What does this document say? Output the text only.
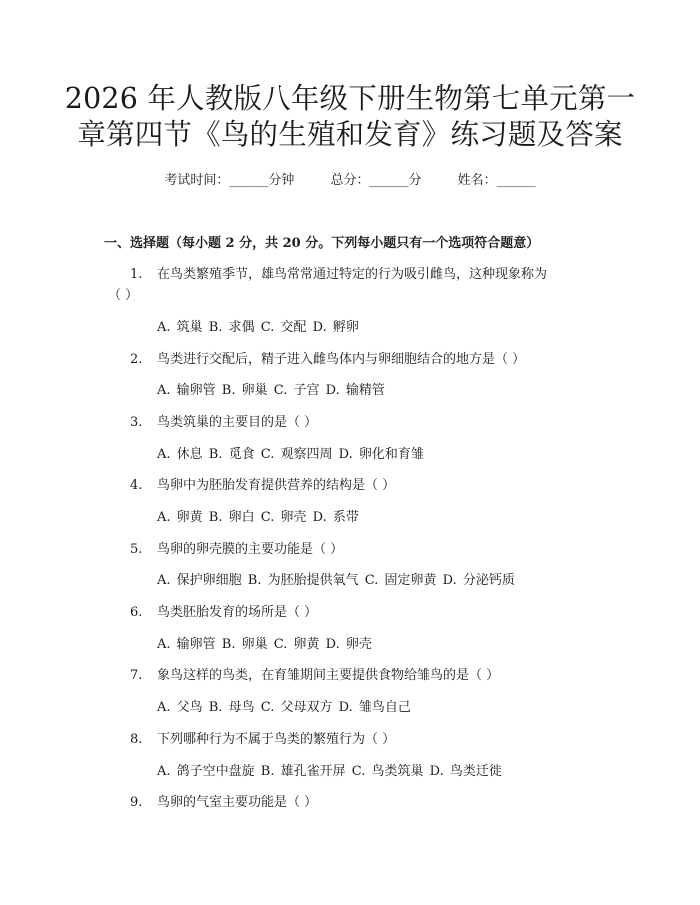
2026 年人教版八年级下册生物第七单元第一
章第四节《鸟的生殖和发育》练习题及答案
考试时间：______分钟	总分：______分	姓名：______
一、选择题（每小题 2 分，共 20 分。下列每小题只有一个选项符合题意）
1. 在鸟类繁殖季节，雄鸟常常通过特定的行为吸引雌鸟，这种现象称为
（ ）
A. 筑巢 B. 求偶 C. 交配 D. 孵卵
2. 鸟类进行交配后，精子进入雌鸟体内与卵细胞结合的地方是（ ）
A. 输卵管 B. 卵巢 C. 子宫 D. 输精管
3. 鸟类筑巢的主要目的是（ ）
A. 休息 B. 觅食 C. 观察四周 D. 卵化和育雏
4. 鸟卵中为胚胎发育提供营养的结构是（ ）
A. 卵黄 B. 卵白 C. 卵壳 D. 系带
5. 鸟卵的卵壳膜的主要功能是（ ）
A. 保护卵细胞 B. 为胚胎提供氧气 C. 固定卵黄 D. 分泌钙质
6. 鸟类胚胎发育的场所是（ ）
A. 输卵管 B. 卵巢 C. 卵黄 D. 卵壳
7. 象鸟这样的鸟类，在育雏期间主要提供食物给雏鸟的是（ ）
A. 父鸟 B. 母鸟 C. 父母双方 D. 雏鸟自己
8. 下列哪种行为不属于鸟类的繁殖行为（ ）
A. 鸽子空中盘旋 B. 雄孔雀开屏 C. 鸟类筑巢 D. 鸟类迁徙
9. 鸟卵的气室主要功能是（ ）
